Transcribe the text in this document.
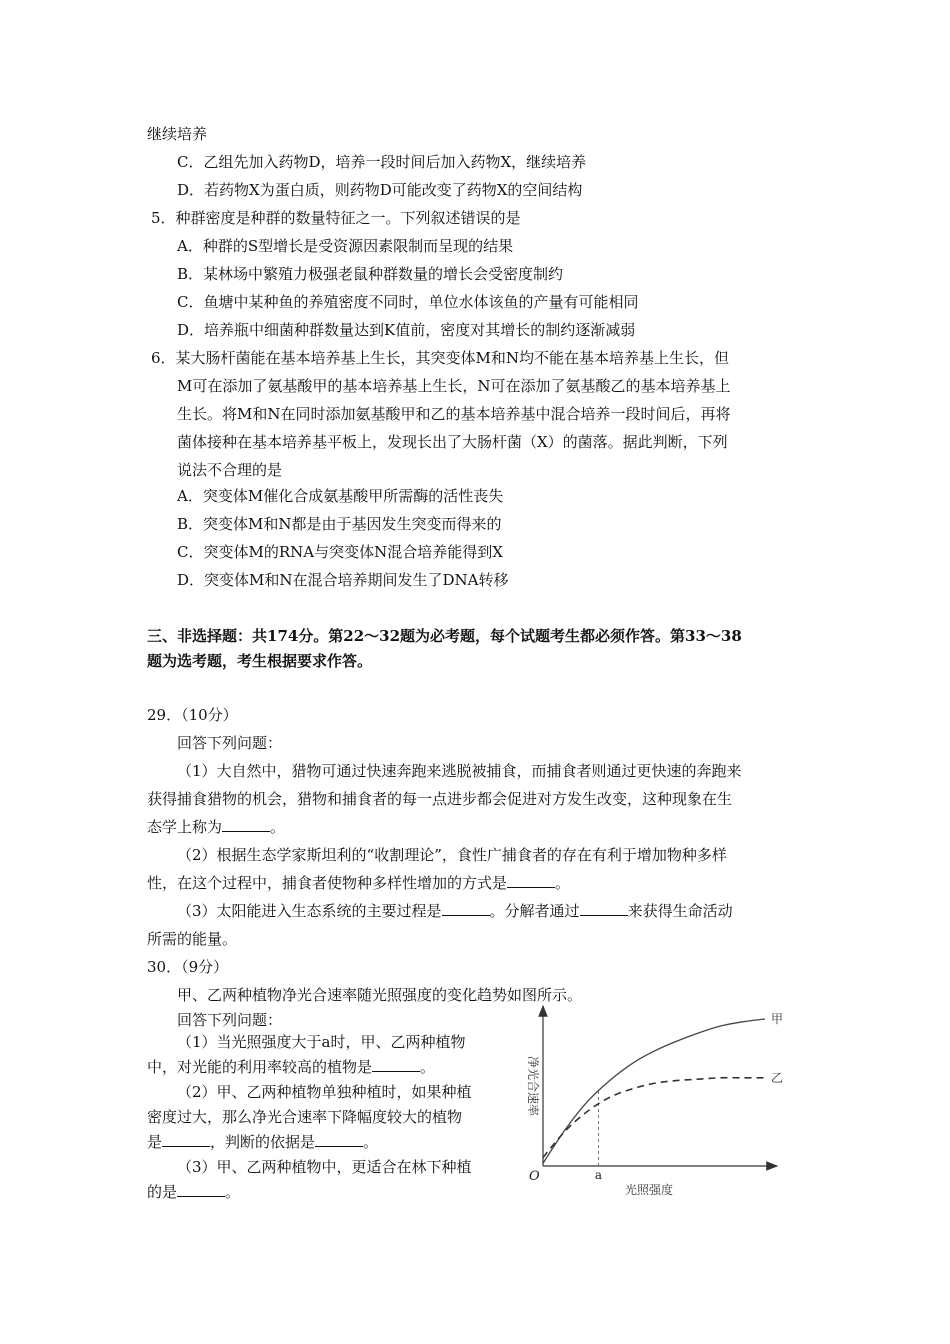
继续培养
C．乙组先加入药物D，培养一段时间后加入药物X，继续培养
D．若药物X为蛋白质，则药物D可能改变了药物X的空间结构
5．种群密度是种群的数量特征之一。下列叙述错误的是
A．种群的S型增长是受资源因素限制而呈现的结果
B．某林场中繁殖力极强老鼠种群数量的增长会受密度制约
C．鱼塘中某种鱼的养殖密度不同时，单位水体该鱼的产量有可能相同
D．培养瓶中细菌种群数量达到K值前，密度对其增长的制约逐渐减弱
6．某大肠杆菌能在基本培养基上生长，其突变体M和N均不能在基本培养基上生长，但
M可在添加了氨基酸甲的基本培养基上生长，N可在添加了氨基酸乙的基本培养基上
生长。将M和N在同时添加氨基酸甲和乙的基本培养基中混合培养一段时间后，再将
菌体接种在基本培养基平板上，发现长出了大肠杆菌（X）的菌落。据此判断，下列
说法不合理的是
A．突变体M催化合成氨基酸甲所需酶的活性丧失
B．突变体M和N都是由于基因发生突变而得来的
C．突变体M的RNA与突变体N混合培养能得到X
D．突变体M和N在混合培养期间发生了DNA转移
三、非选择题：共174分。第22～32题为必考题，每个试题考生都必须作答。第33～38
题为选考题，考生根据要求作答。
29．（10分）
回答下列问题：
（1）大自然中，猎物可通过快速奔跑来逃脱被捕食，而捕食者则通过更快速的奔跑来
获得捕食猎物的机会，猎物和捕食者的每一点进步都会促进对方发生改变，这种现象在生
态学上称为	。
（2）根据生态学家斯坦利的“收割理论”，食性广捕食者的存在有利于增加物种多样
性，在这个过程中，捕食者使物种多样性增加的方式是	。
（3）太阳能进入生态系统的主要过程是	。分解者通过	来获得生命活动
所需的能量。
30．（9分）
甲、乙两种植物净光合速率随光照强度的变化趋势如图所示。
回答下列问题：
（1）当光照强度大于a时，甲、乙两种植物
中，对光能的利用率较高的植物是	。
（2）甲、乙两种植物单独种植时，如果种植
密度过大，那么净光合速率下降幅度较大的植物
是	，判断的依据是	。
（3）甲、乙两种植物中，更适合在林下种植
的是	。
O
净光合速率
光照强度
a
甲
乙
